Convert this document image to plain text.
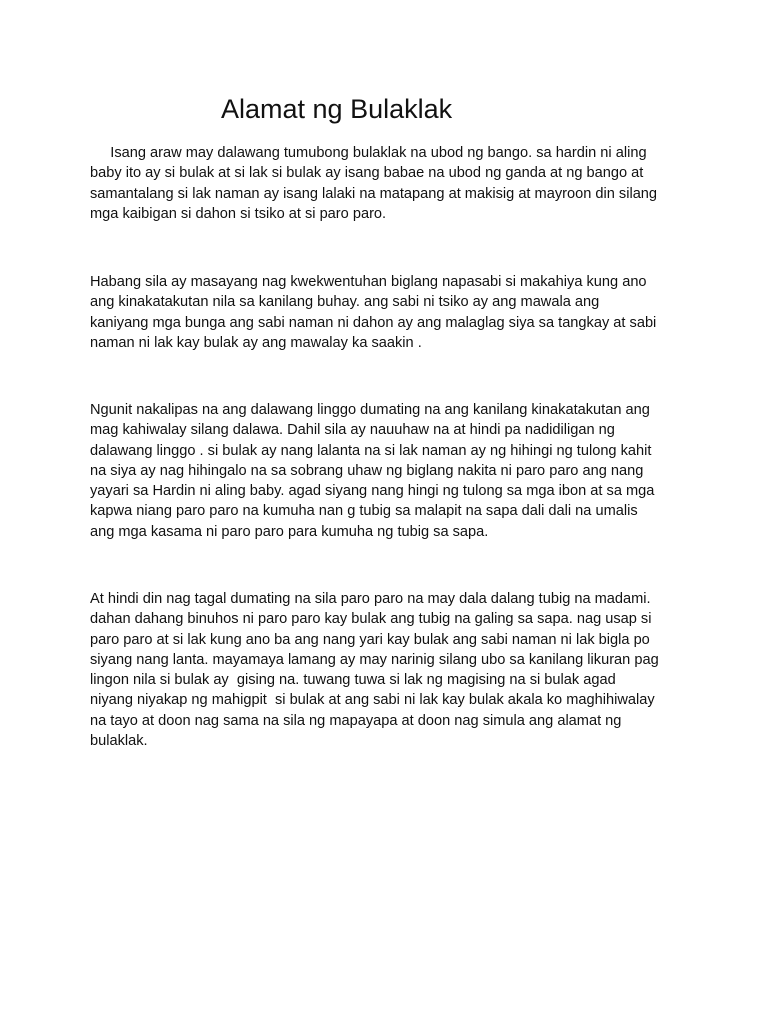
Alamat ng Bulaklak

Isang araw may dalawang tumubong bulaklak na ubod ng bango. sa hardin ni aling
baby ito ay si bulak at si lak si bulak ay isang babae na ubod ng ganda at ng bango at
samantalang si lak naman ay isang lalaki na matapang at makisig at mayroon din silang
mga kaibigan si dahon si tsiko at si paro paro.

Habang sila ay masayang nag kwekwentuhan biglang napasabi si makahiya kung ano
ang kinakatakutan nila sa kanilang buhay. ang sabi ni tsiko ay ang mawala ang
kaniyang mga bunga ang sabi naman ni dahon ay ang malaglag siya sa tangkay at sabi
naman ni lak kay bulak ay ang mawalay ka saakin .

Ngunit nakalipas na ang dalawang linggo dumating na ang kanilang kinakatakutan ang
mag kahiwalay silang dalawa. Dahil sila ay nauuhaw na at hindi pa nadidiligan ng
dalawang linggo . si bulak ay nang lalanta na si lak naman ay ng hihingi ng tulong kahit
na siya ay nag hihingalo na sa sobrang uhaw ng biglang nakita ni paro paro ang nang
yayari sa Hardin ni aling baby. agad siyang nang hingi ng tulong sa mga ibon at sa mga
kapwa niang paro paro na kumuha nan g tubig sa malapit na sapa dali dali na umalis
ang mga kasama ni paro paro para kumuha ng tubig sa sapa.

At hindi din nag tagal dumating na sila paro paro na may dala dalang tubig na madami.
dahan dahang binuhos ni paro paro kay bulak ang tubig na galing sa sapa. nag usap si
paro paro at si lak kung ano ba ang nang yari kay bulak ang sabi naman ni lak bigla po
siyang nang lanta. mayamaya lamang ay may narinig silang ubo sa kanilang likuran pag
lingon nila si bulak ay  gising na. tuwang tuwa si lak ng magising na si bulak agad
niyang niyakap ng mahigpit  si bulak at ang sabi ni lak kay bulak akala ko maghihiwalay
na tayo at doon nag sama na sila ng mapayapa at doon nag simula ang alamat ng
bulaklak.
